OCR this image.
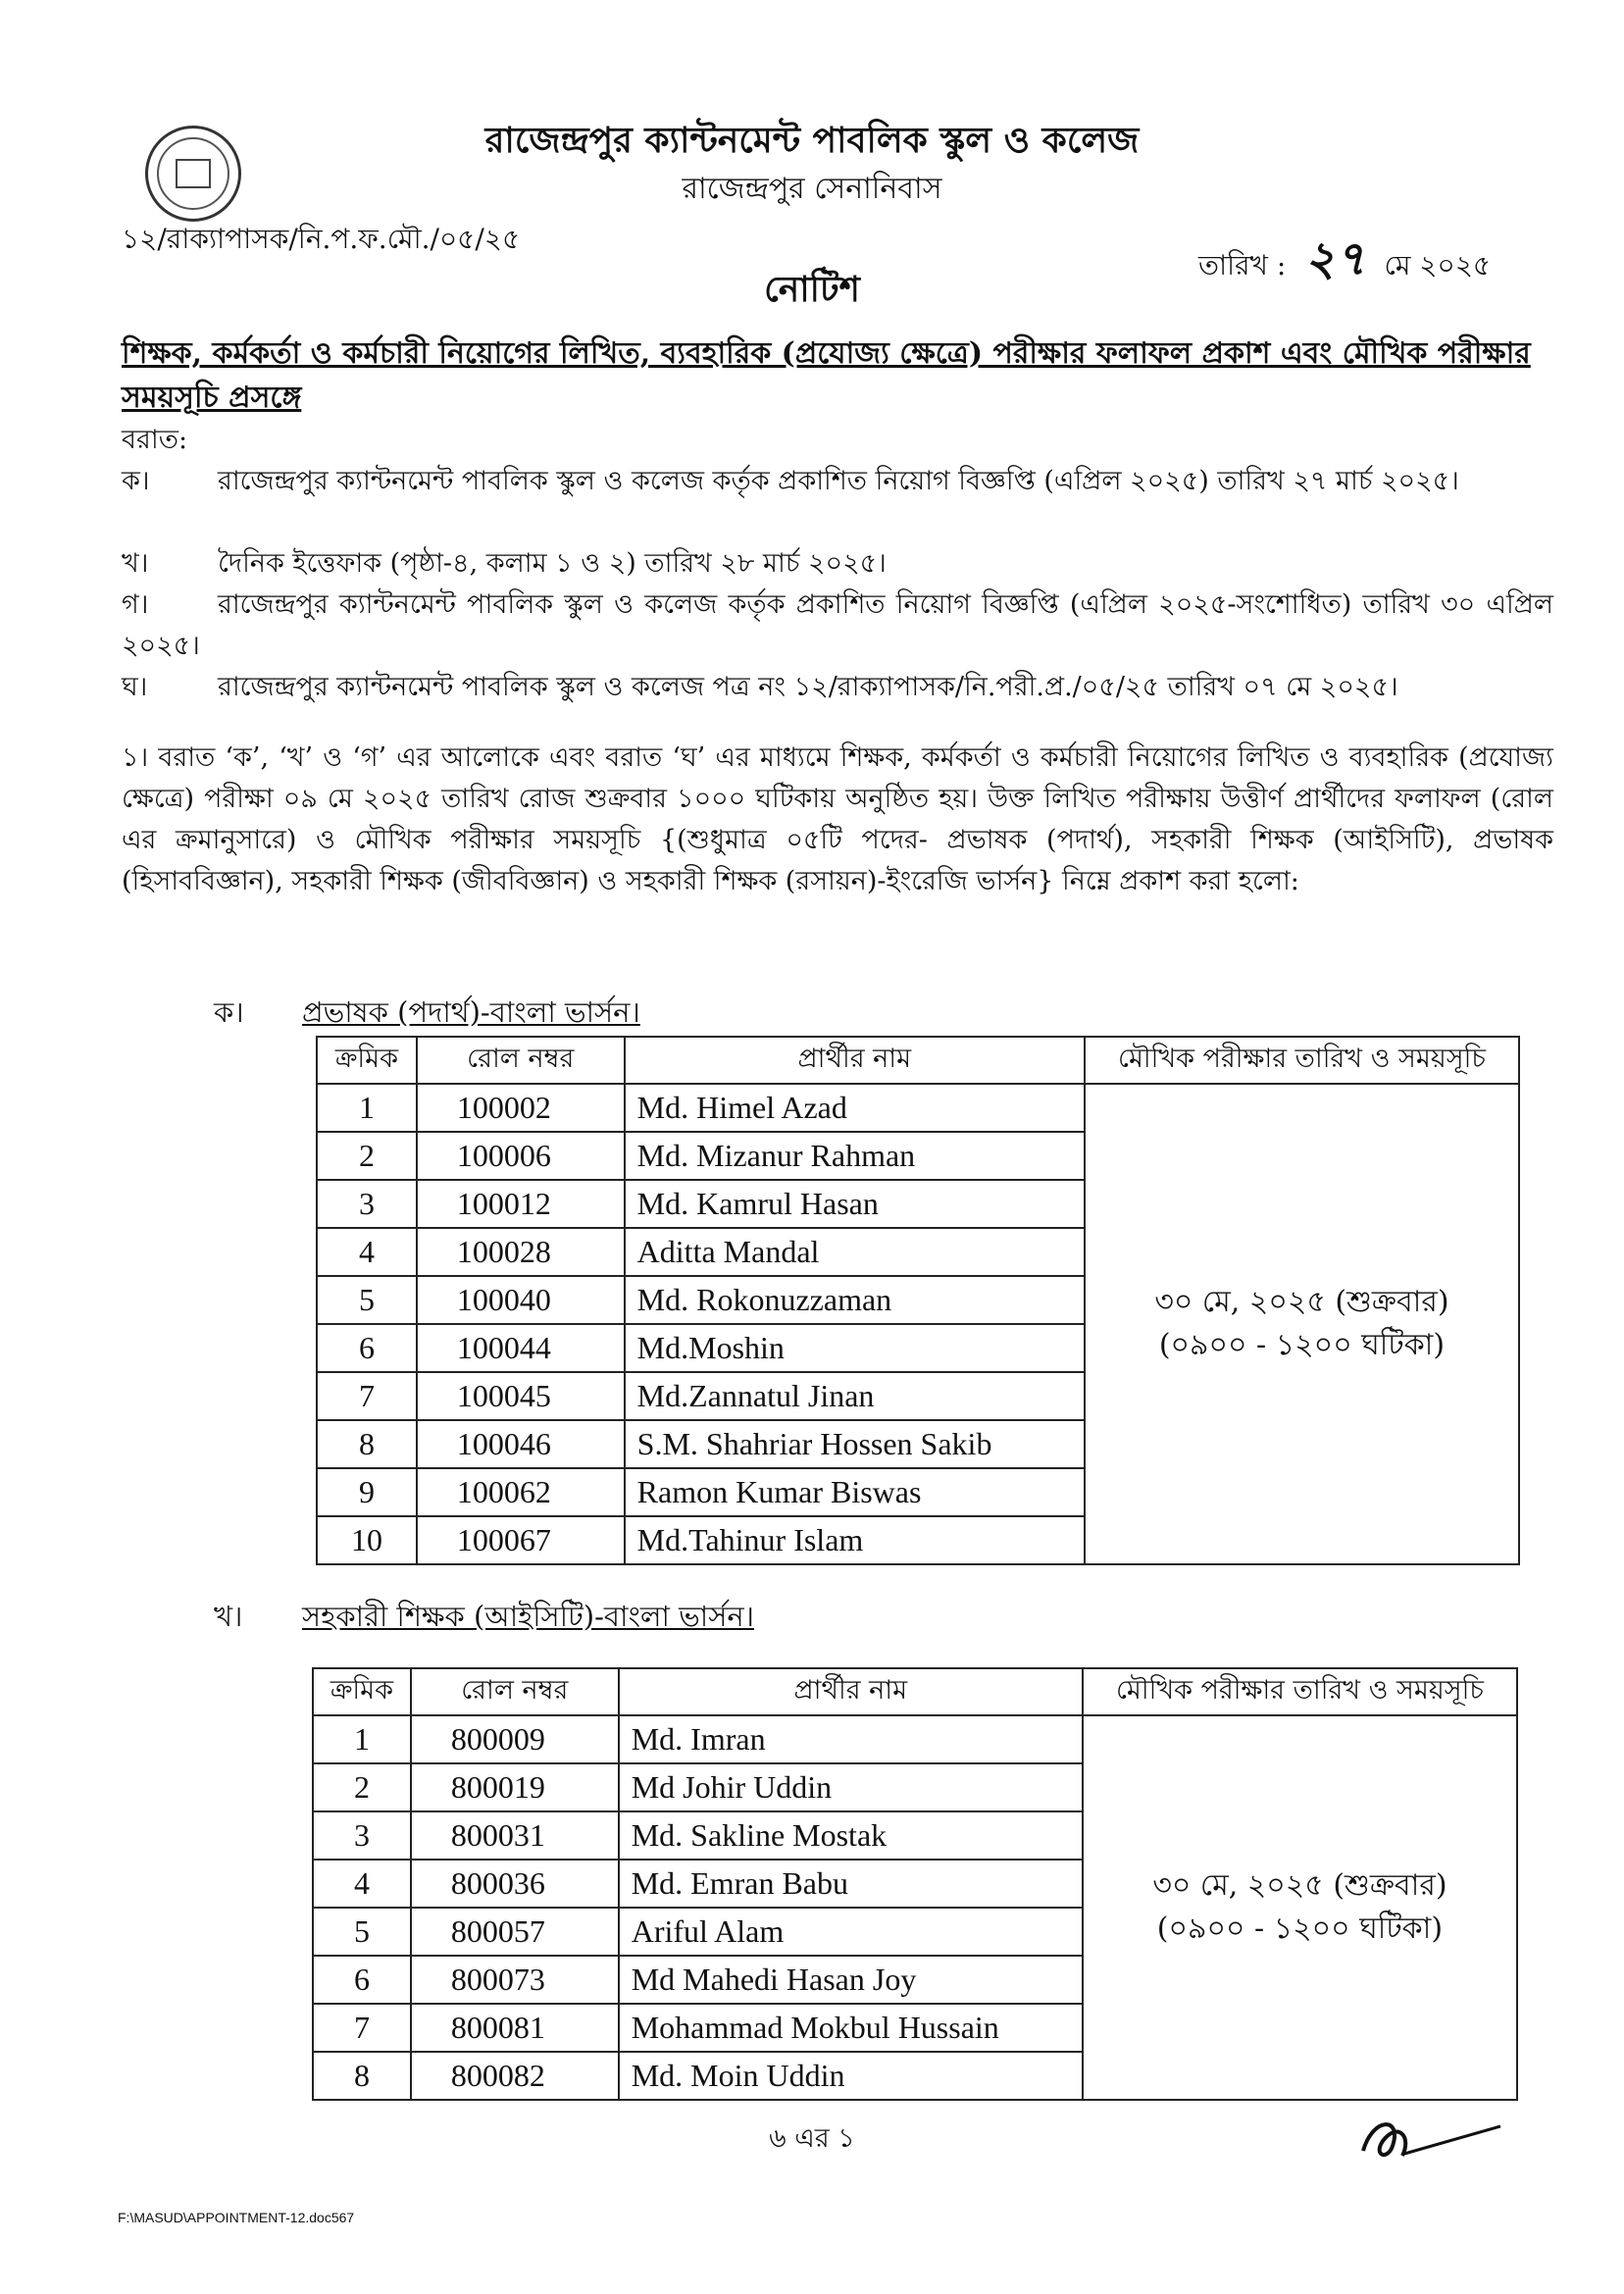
রাজেন্দ্রপুর ক্যান্টনমেন্ট পাবলিক স্কুল ও কলেজ
রাজেন্দ্রপুর সেনানিবাস
১২/রাক্যাপাসক/নি.প.ফ.মৌ./০৫/২৫
তারিখ : ২৭ মে ২০২৫
নোটিশ
শিক্ষক, কর্মকর্তা ও কর্মচারী নিয়োগের লিখিত, ব্যবহারিক (প্রযোজ্য ক্ষেত্রে) পরীক্ষার ফলাফল প্রকাশ এবং মৌখিক পরীক্ষার সময়সূচি প্রসঙ্গে
বরাত:
ক।	রাজেন্দ্রপুর ক্যান্টনমেন্ট পাবলিক স্কুল ও কলেজ কর্তৃক প্রকাশিত নিয়োগ বিজ্ঞপ্তি (এপ্রিল ২০২৫) তারিখ ২৭ মার্চ ২০২৫।
খ।	দৈনিক ইত্তেফাক (পৃষ্ঠা-৪, কলাম ১ ও ২) তারিখ ২৮ মার্চ ২০২৫।
গ।	রাজেন্দ্রপুর ক্যান্টনমেন্ট পাবলিক স্কুল ও কলেজ কর্তৃক প্রকাশিত নিয়োগ বিজ্ঞপ্তি (এপ্রিল ২০২৫-সংশোধিত) তারিখ ৩০ এপ্রিল ২০২৫।
ঘ।	রাজেন্দ্রপুর ক্যান্টনমেন্ট পাবলিক স্কুল ও কলেজ পত্র নং ১২/রাক্যাপাসক/নি.পরী.প্র./০৫/২৫ তারিখ ০৭ মে ২০২৫।
১। বরাত ‘ক’, ‘খ’ ও ‘গ’ এর আলোকে এবং বরাত ‘ঘ’ এর মাধ্যমে শিক্ষক, কর্মকর্তা ও কর্মচারী নিয়োগের লিখিত ও ব্যবহারিক (প্রযোজ্য ক্ষেত্রে) পরীক্ষা ০৯ মে ২০২৫ তারিখ রোজ শুক্রবার ১০০০ ঘটিকায় অনুষ্ঠিত হয়। উক্ত লিখিত পরীক্ষায় উত্তীর্ণ প্রার্থীদের ফলাফল (রোল এর ক্রমানুসারে) ও মৌখিক পরীক্ষার সময়সূচি {(শুধুমাত্র ০৫টি পদের- প্রভাষক (পদার্থ), সহকারী শিক্ষক (আইসিটি), প্রভাষক (হিসাববিজ্ঞান), সহকারী শিক্ষক (জীববিজ্ঞান) ও সহকারী শিক্ষক (রসায়ন)-ইংরেজি ভার্সন} নিম্নে প্রকাশ করা হলো:
ক। প্রভাষক (পদার্থ)-বাংলা ভার্সন।
ক্রমিক	রোল নম্বর	প্রার্থীর নাম	মৌখিক পরীক্ষার তারিখ ও সময়সূচি
1	100002	Md. Himel Azad	৩০ মে, ২০২৫ (শুক্রবার)
(০৯০০ - ১২০০ ঘটিকা)

2	100006	Md. Mizanur Rahman	
3	100012	Md. Kamrul Hasan	
4	100028	Aditta Mandal	
5	100040	Md. Rokonuzzaman	
6	100044	Md.Moshin	
7	100045	Md.Zannatul Jinan	
8	100046	S.M. Shahriar Hossen Sakib	
9	100062	Ramon Kumar Biswas	
10	100067	Md.Tahinur Islam	
খ। সহকারী শিক্ষক (আইসিটি)-বাংলা ভার্সন।
ক্রমিক	রোল নম্বর	প্রার্থীর নাম	মৌখিক পরীক্ষার তারিখ ও সময়সূচি
1	800009	Md. Imran	৩০ মে, ২০২৫ (শুক্রবার)
(০৯০০ - ১২০০ ঘটিকা)

2	800019	Md Johir Uddin	
3	800031	Md. Sakline Mostak	
4	800036	Md. Emran Babu	
5	800057	Ariful Alam	
6	800073	Md Mahedi Hasan Joy	
7	800081	Mohammad Mokbul Hussain	
8	800082	Md. Moin Uddin	
৬ এর ১
F:\MASUD\APPOINTMENT-12.doc567
